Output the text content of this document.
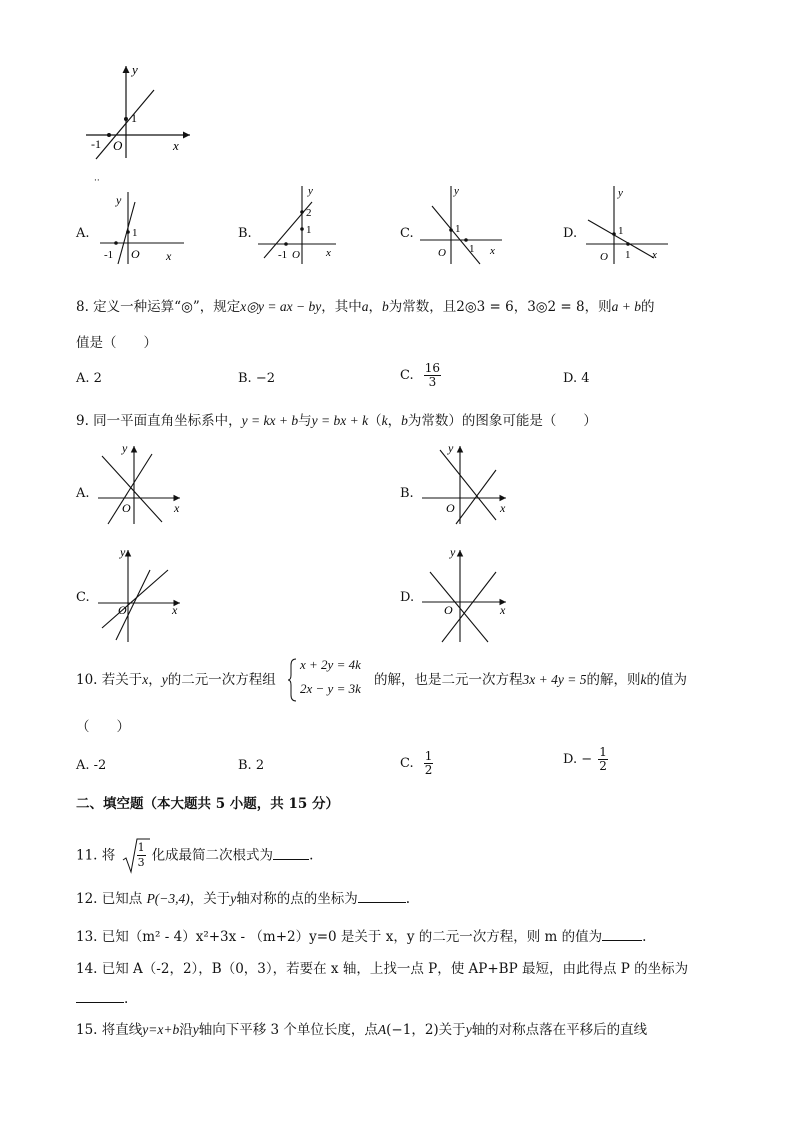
y
x
O
1
-1
··
A.
y
1
-1 O x
B.
y
2
1
-1 O x
C.
y
1
O 1 x
D.
y
1
O 1 x
8. 定义一种运算“◎”，规定x◎y = ax − by，其中a，b为常数，且2◎3 = 6，3◎2 = 8，则a + b的
值是（　　）
A. 2	B. −2	C. $\frac{16}{3}$	D. 4
9. 同一平面直角坐标系中，y = kx + b与y = bx + k（k，b为常数）的图象可能是（　　）
A.
y
x
O
B.
y
x
O
C.
y
x
O
D.
y
x
O
10. 若关于x，y的二元一次方程组
x + 2y = 4k
2x − y = 3k
的解，也是二元一次方程3x + 4y = 5的解，则k的值为
（　　）
A. -2	B. 2	C. $\frac{1}{2}$	D. − $\frac{1}{2}$
二、填空题（本大题共 5 小题，共 15 分）
11. 将 $\frac{1}{3}$ 化成最简二次根式为	.
12. 已知点 P(−3,4)，关于y轴对称的点的坐标为	.
13. 已知（m² - 4）x²+3x - （m+2）y=0 是关于 x，y 的二元一次方程，则 m 的值为	.
14. 已知 A（-2，2），B（0，3），若要在 x 轴，上找一点 P，使 AP+BP 最短，由此得点 P 的坐标为
.
15. 将直线y=x+b沿y轴向下平移 3 个单位长度，点A(−1，2)关于y轴的对称点落在平移后的直线
